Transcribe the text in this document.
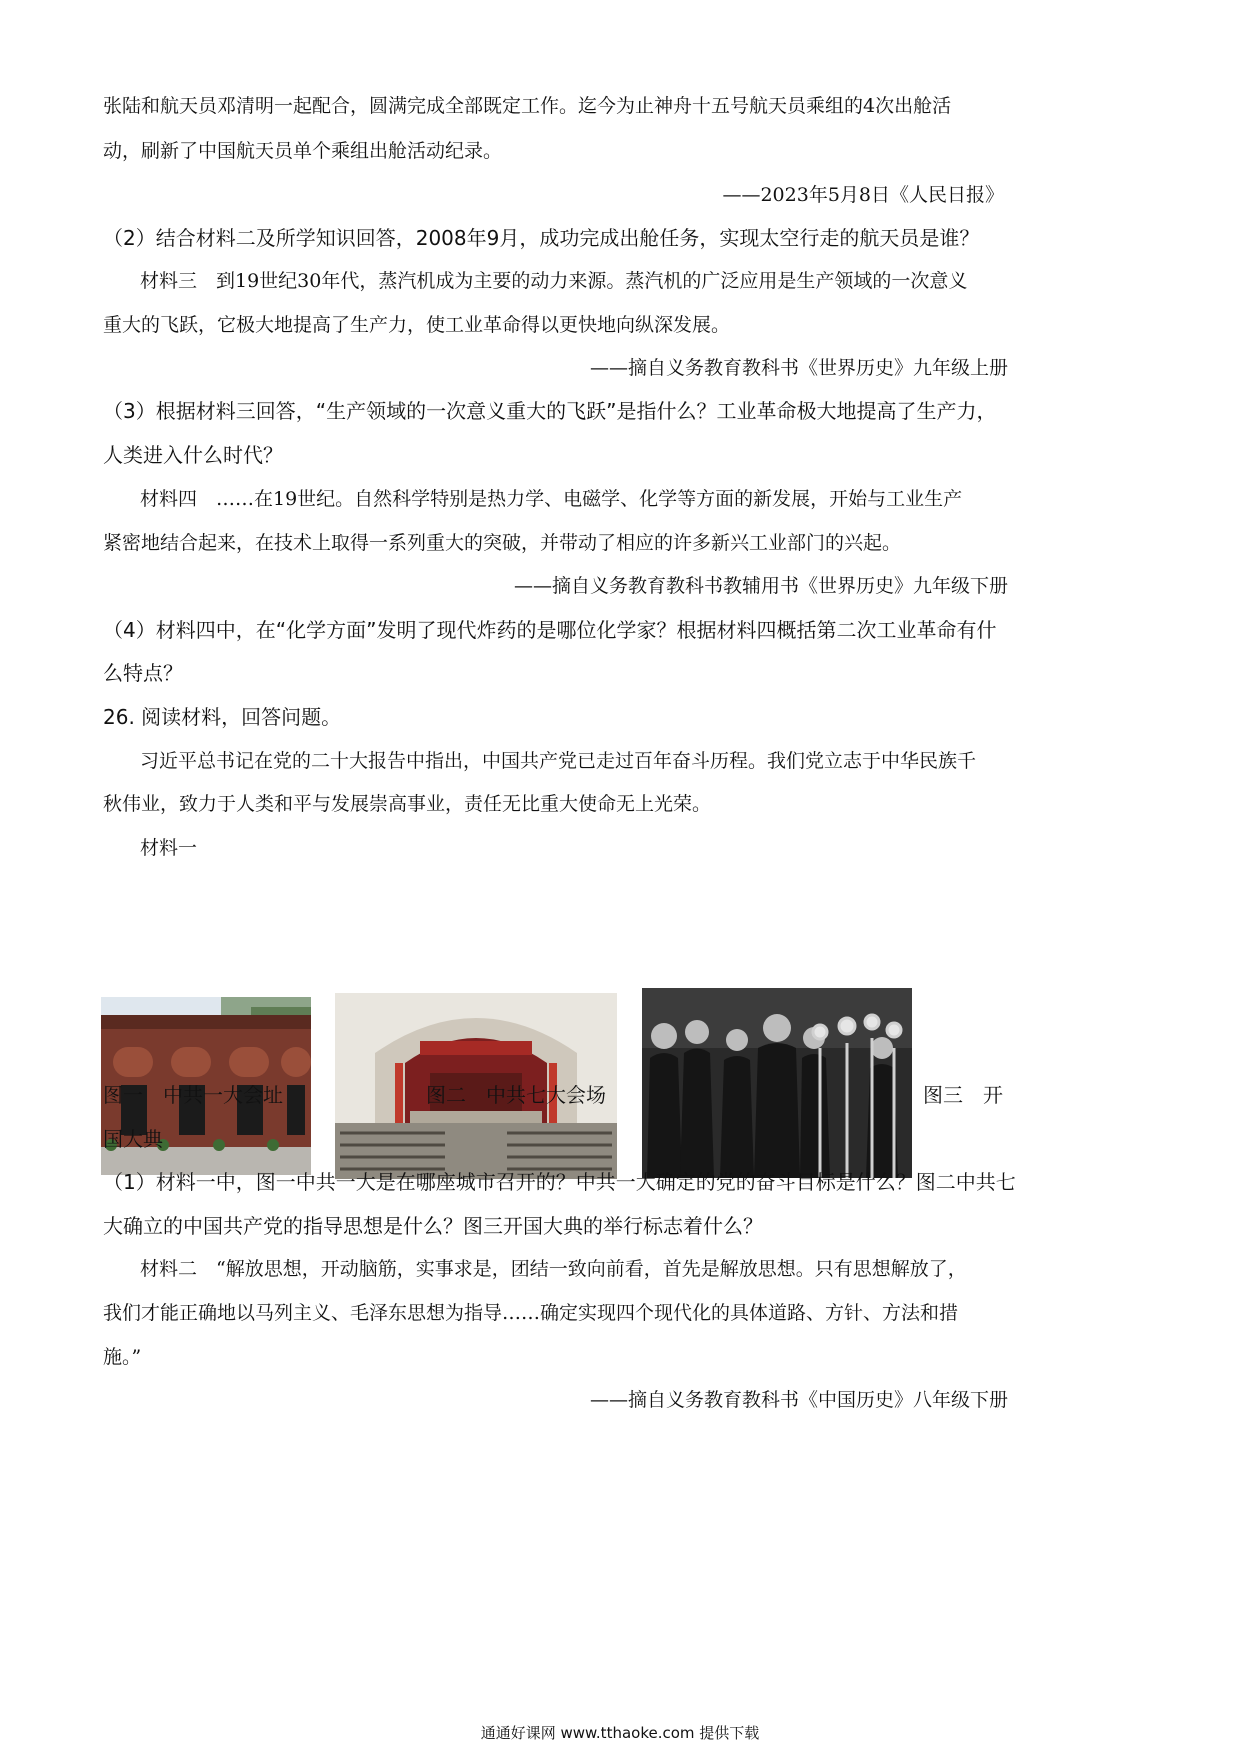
张陆和航天员邓清明一起配合，圆满完成全部既定工作。迄今为止神舟十五号航天员乘组的4次出舱活
动，刷新了中国航天员单个乘组出舱活动纪录。
——2023年5月8日《人民日报》
（2）结合材料二及所学知识回答，2008年9月，成功完成出舱任务，实现太空行走的航天员是谁？
材料三　到19世纪30年代，蒸汽机成为主要的动力来源。蒸汽机的广泛应用是生产领域的一次意义
重大的飞跃，它极大地提高了生产力，使工业革命得以更快地向纵深发展。
——摘自义务教育教科书《世界历史》九年级上册
（3）根据材料三回答，“生产领域的一次意义重大的飞跃”是指什么？工业革命极大地提高了生产力，
人类进入什么时代？
材料四　……在19世纪。自然科学特别是热力学、电磁学、化学等方面的新发展，开始与工业生产
紧密地结合起来，在技术上取得一系列重大的突破，并带动了相应的许多新兴工业部门的兴起。
——摘自义务教育教科书教辅用书《世界历史》九年级下册
（4）材料四中，在“化学方面”发明了现代炸药的是哪位化学家？根据材料四概括第二次工业革命有什
么特点？
26. 阅读材料，回答问题。
习近平总书记在党的二十大报告中指出，中国共产党已走过百年奋斗历程。我们党立志于中华民族千
秋伟业，致力于人类和平与发展崇高事业，责任无比重大使命无上光荣。
材料一
图一　中共一大会址	图二　中共七大会场	图三　开
国大典
（1）材料一中，图一中共一大是在哪座城市召开的？中共一大确定的党的奋斗目标是什么？图二中共七
大确立的中国共产党的指导思想是什么？图三开国大典的举行标志着什么？
材料二　“解放思想，开动脑筋，实事求是，团结一致向前看，首先是解放思想。只有思想解放了，
我们才能正确地以马列主义、毛泽东思想为指导……确定实现四个现代化的具体道路、方针、方法和措
施。”
——摘自义务教育教科书《中国历史》八年级下册
通通好课网 www.tthaoke.com 提供下载
